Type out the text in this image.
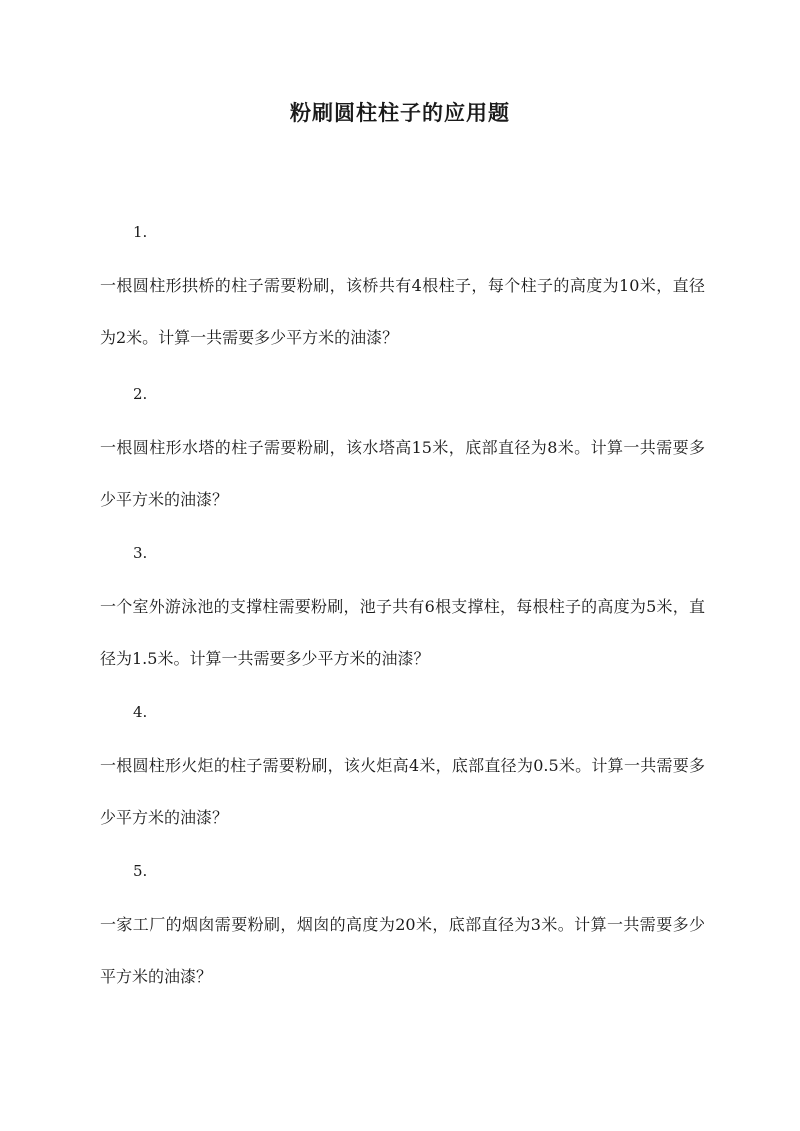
粉刷圆柱柱子的应用题
1.

一根圆柱形拱桥的柱子需要粉刷，该桥共有4根柱子，每个柱子的高度为10米，直径为2米。计算一共需要多少平方米的油漆？

2.

一根圆柱形水塔的柱子需要粉刷，该水塔高15米，底部直径为8米。计算一共需要多少平方米的油漆？

3.

一个室外游泳池的支撑柱需要粉刷，池子共有6根支撑柱，每根柱子的高度为5米，直径为1.5米。计算一共需要多少平方米的油漆？

4.

一根圆柱形火炬的柱子需要粉刷，该火炬高4米，底部直径为0.5米。计算一共需要多少平方米的油漆？

5.

一家工厂的烟囱需要粉刷，烟囱的高度为20米，底部直径为3米。计算一共需要多少平方米的油漆？
